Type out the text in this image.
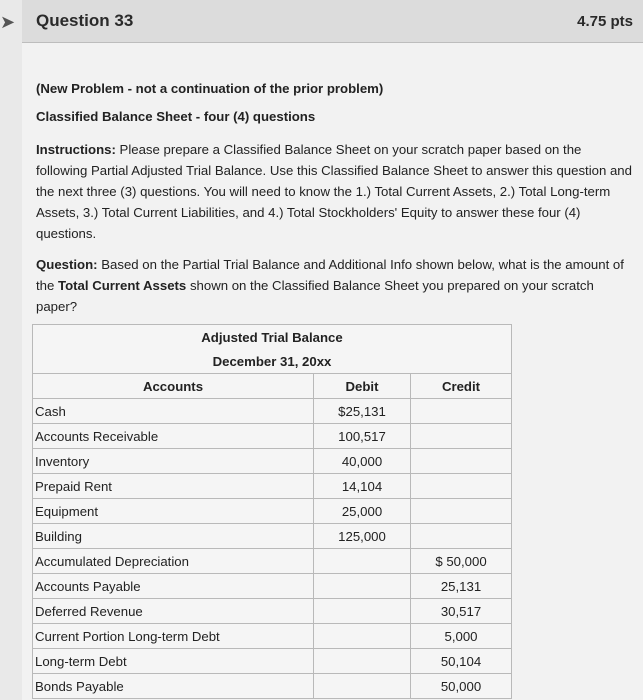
➤ Question 33	4.75 pts
(New Problem - not a continuation of the prior problem)
Classified Balance Sheet - four (4) questions
Instructions: Please prepare a Classified Balance Sheet on your scratch paper based on the following Partial Adjusted Trial Balance. Use this Classified Balance Sheet to answer this question and the next three (3) questions. You will need to know the 1.) Total Current Assets, 2.) Total Long-term Assets, 3.) Total Current Liabilities, and 4.) Total Stockholders' Equity to answer these four (4) questions.
Question: Based on the Partial Trial Balance and Additional Info shown below, what is the amount of the Total Current Assets shown on the Classified Balance Sheet you prepared on your scratch paper?
Adjusted Trial Balance		
December 31, 20xx		
Accounts	Debit	Credit
Cash	$25,131	
Accounts Receivable	100,517	
Inventory	40,000	
Prepaid Rent	14,104	
Equipment	25,000	
Building	125,000	
Accumulated Depreciation		$ 50,000
Accounts Payable		25,131
Deferred Revenue		30,517
Current Portion Long-term Debt		5,000
Long-term Debt		50,104
Bonds Payable		50,000
